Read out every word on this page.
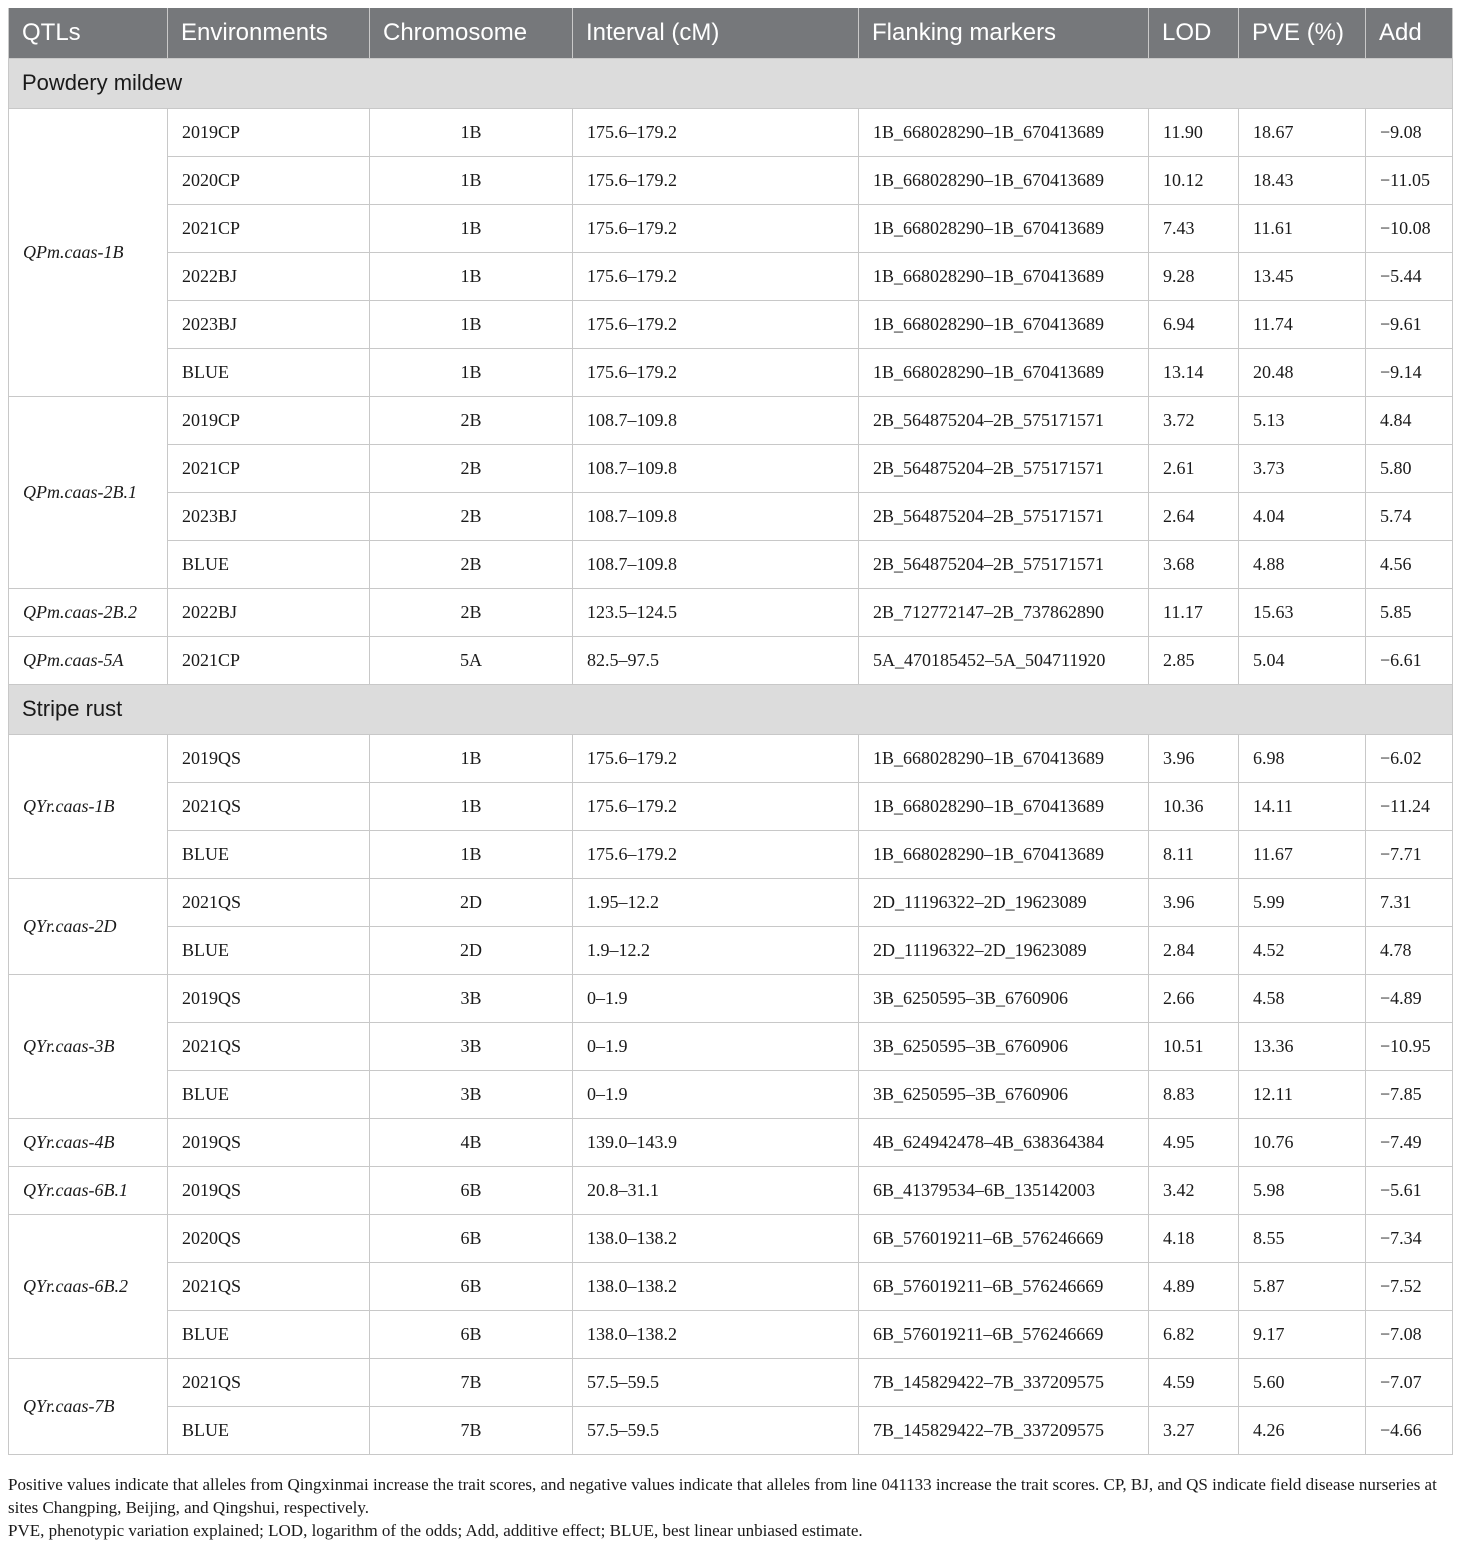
QTLs	Environments	Chromosome	Interval (cM)	Flanking markers	LOD	PVE (%)	Add
Powdery mildew							
QPm.caas-1B	2019CP	1B	175.6–179.2	1B_668028290–1B_670413689	11.90	18.67	−9.08
	2020CP	1B	175.6–179.2	1B_668028290–1B_670413689	10.12	18.43	−11.05
	2021CP	1B	175.6–179.2	1B_668028290–1B_670413689	7.43	11.61	−10.08
	2022BJ	1B	175.6–179.2	1B_668028290–1B_670413689	9.28	13.45	−5.44
	2023BJ	1B	175.6–179.2	1B_668028290–1B_670413689	6.94	11.74	−9.61
	BLUE	1B	175.6–179.2	1B_668028290–1B_670413689	13.14	20.48	−9.14
QPm.caas-2B.1	2019CP	2B	108.7–109.8	2B_564875204–2B_575171571	3.72	5.13	4.84
	2021CP	2B	108.7–109.8	2B_564875204–2B_575171571	2.61	3.73	5.80
	2023BJ	2B	108.7–109.8	2B_564875204–2B_575171571	2.64	4.04	5.74
	BLUE	2B	108.7–109.8	2B_564875204–2B_575171571	3.68	4.88	4.56
QPm.caas-2B.2	2022BJ	2B	123.5–124.5	2B_712772147–2B_737862890	11.17	15.63	5.85
QPm.caas-5A	2021CP	5A	82.5–97.5	5A_470185452–5A_504711920	2.85	5.04	−6.61
Stripe rust							
QYr.caas-1B	2019QS	1B	175.6–179.2	1B_668028290–1B_670413689	3.96	6.98	−6.02
	2021QS	1B	175.6–179.2	1B_668028290–1B_670413689	10.36	14.11	−11.24
	BLUE	1B	175.6–179.2	1B_668028290–1B_670413689	8.11	11.67	−7.71
QYr.caas-2D	2021QS	2D	1.95–12.2	2D_11196322–2D_19623089	3.96	5.99	7.31
	BLUE	2D	1.9–12.2	2D_11196322–2D_19623089	2.84	4.52	4.78
QYr.caas-3B	2019QS	3B	0–1.9	3B_6250595–3B_6760906	2.66	4.58	−4.89
	2021QS	3B	0–1.9	3B_6250595–3B_6760906	10.51	13.36	−10.95
	BLUE	3B	0–1.9	3B_6250595–3B_6760906	8.83	12.11	−7.85
QYr.caas-4B	2019QS	4B	139.0–143.9	4B_624942478–4B_638364384	4.95	10.76	−7.49
QYr.caas-6B.1	2019QS	6B	20.8–31.1	6B_41379534–6B_135142003	3.42	5.98	−5.61
QYr.caas-6B.2	2020QS	6B	138.0–138.2	6B_576019211–6B_576246669	4.18	8.55	−7.34
	2021QS	6B	138.0–138.2	6B_576019211–6B_576246669	4.89	5.87	−7.52
	BLUE	6B	138.0–138.2	6B_576019211–6B_576246669	6.82	9.17	−7.08
QYr.caas-7B	2021QS	7B	57.5–59.5	7B_145829422–7B_337209575	4.59	5.60	−7.07
	BLUE	7B	57.5–59.5	7B_145829422–7B_337209575	3.27	4.26	−4.66

Positive values indicate that alleles from Qingxinmai increase the trait scores, and negative values indicate that alleles from line 041133 increase the trait scores. CP, BJ, and QS indicate field disease nurseries at sites Changping, Beijing, and Qingshui, respectively.

PVE, phenotypic variation explained; LOD, logarithm of the odds; Add, additive effect; BLUE, best linear unbiased estimate.
